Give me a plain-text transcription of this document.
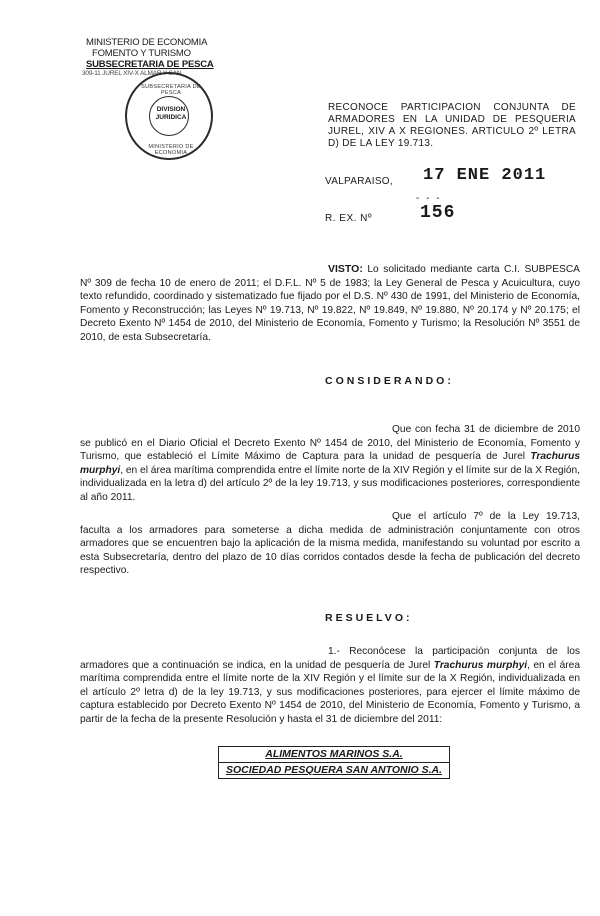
MINISTERIO DE ECONOMIA
FOMENTO Y TURISMO
SUBSECRETARIA DE PESCA
309-11 JUREL XIV-X ALMAR Y SAN
SUBSECRETARIA DE PESCA
DIVISION JURIDICA
MINISTERIO DE ECONOMIA
RECONOCE PARTICIPACION CONJUNTA DE ARMADORES EN LA UNIDAD DE PESQUERIA JUREL, XIV A X REGIONES. ARTICULO 2º LETRA D) DE LA LEY 19.713.
VALPARAISO, 17 ENE 2011
- - -
R. EX. Nº	156
VISTO: Lo solicitado mediante carta C.I. SUBPESCA Nº 309 de fecha 10 de enero de 2011; el D.F.L. Nº 5 de 1983; la Ley General de Pesca y Acuicultura, cuyo texto refundido, coordinado y sistematizado fue fijado por el D.S. Nº 430 de 1991, del Ministerio de Economía, Fomento y Reconstrucción; las Leyes Nº 19.713, Nº 19.822, Nº 19.849, Nº 19.880, Nº 20.174 y Nº 20.175; el Decreto Exento Nº 1454 de 2010, del Ministerio de Economía, Fomento y Turismo; la Resolución Nº 3551 de 2010, de esta Subsecretaría.
CONSIDERANDO:
Que con fecha 31 de diciembre de 2010 se publicó en el Diario Oficial el Decreto Exento Nº 1454 de 2010, del Ministerio de Economía, Fomento y Turismo, que estableció el Límite Máximo de Captura para la unidad de pesquería de Jurel Trachurus murphyi, en el área marítima comprendida entre el límite norte de la XIV Región y el límite sur de la X Región, individualizada en la letra d) del artículo 2º de la ley 19.713, y sus modificaciones posteriores, correspondiente al año 2011.
Que el artículo 7º de la Ley 19.713, faculta a los armadores para someterse a dicha medida de administración conjuntamente con otros armadores que se encuentren bajo la aplicación de la misma medida, manifestando su voluntad por escrito a esta Subsecretaría, dentro del plazo de 10 días corridos contados desde la fecha de publicación del decreto respectivo.
RESUELVO:
1.- Reconócese la participación conjunta de los armadores que a continuación se indica, en la unidad de pesquería de Jurel Trachurus murphyi, en el área marítima comprendida entre el límite norte de la XIV Región y el límite sur de la X Región, individualizada en el artículo 2º letra d) de la ley 19.713, y sus modificaciones posteriores, para ejercer el límite máximo de captura establecido por Decreto Exento Nº 1454 de 2010, del Ministerio de Economía, Fomento y Turismo, a partir de la fecha de la presente Resolución y hasta el 31 de diciembre del 2011:
ALIMENTOS MARINOS S.A.
SOCIEDAD PESQUERA SAN ANTONIO S.A.
